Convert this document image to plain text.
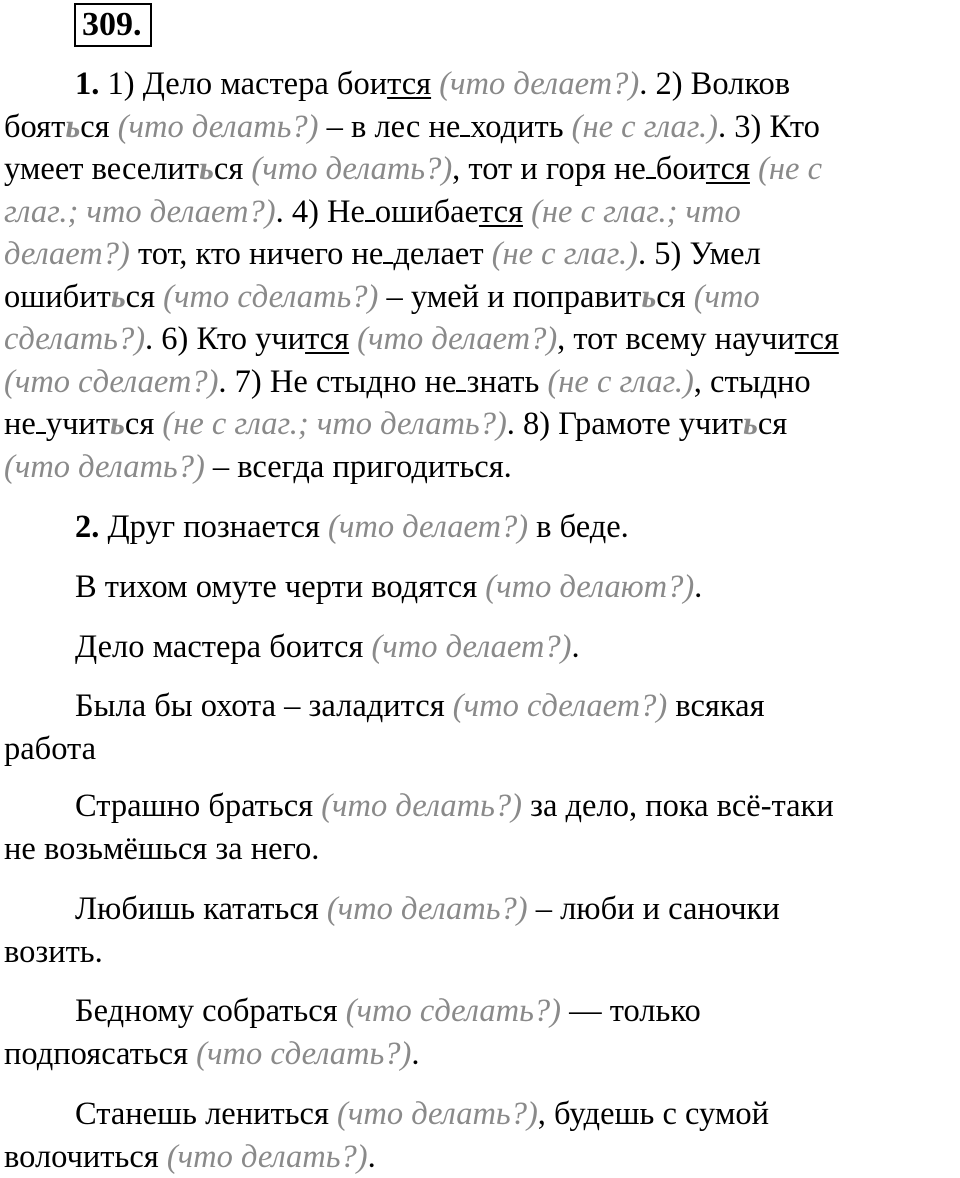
309.
1. 1) Дело мастера боится (что делает?). 2) Волков
бояться (что делать?) – в лес не ходить (не с глаг.). 3) Кто
умеет веселиться (что делать?), тот и горя не боится (не с
глаг.; что делает?). 4) Не ошибается (не с глаг.; что
делает?) тот, кто ничего не делает (не с глаг.). 5) Умел
ошибиться (что сделать?) – умей и поправиться (что
сделать?). 6) Кто учится (что делает?), тот всему научится
(что сделает?). 7) Не стыдно не знать (не с глаг.), стыдно
не учиться (не с глаг.; что делать?). 8) Грамоте учиться
(что делать?) – всегда пригодиться.
2. Друг познается (что делает?) в беде.
В тихом омуте черти водятся (что делают?).
Дело мастера боится (что делает?).
Была бы охота – заладится (что сделает?) всякая
работа
Страшно браться (что делать?) за дело, пока всё-таки
не возьмёшься за него.
Любишь кататься (что делать?) – люби и саночки
возить.
Бедному собраться (что сделать?) — только
подпоясаться (что сделать?).
Станешь лениться (что делать?), будешь с сумой
волочиться (что делать?).
